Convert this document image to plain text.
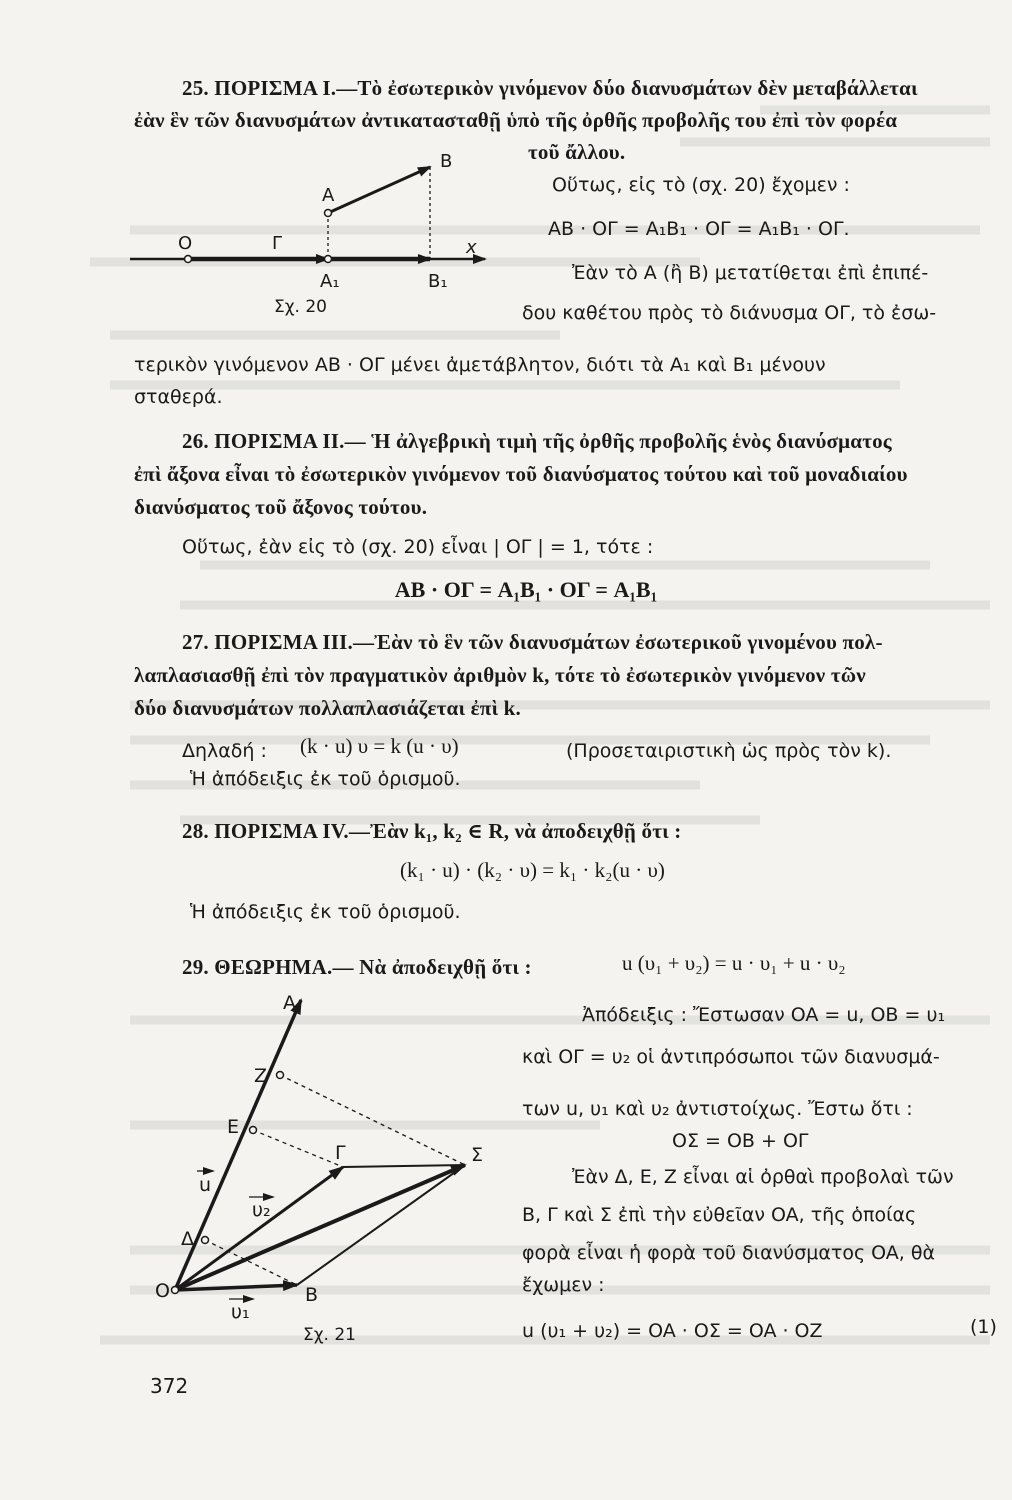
25. ΠΟΡΙΣΜΑ Ι.—Τὸ ἐσωτερικὸν γινόμενον δύο διανυσμάτων δὲν μεταβάλλεται
ἐὰν ἓν τῶν διανυσμάτων ἀντικατασταθῇ ὑπὸ τῆς ὀρθῆς προβολῆς του ἐπὶ τὸν φορέα
τοῦ ἄλλου.
Οὕτως, εἰς τὸ (σχ. 20) ἔχομεν :
AB · OΓ = A₁B₁ · OΓ = A₁B₁ · OΓ.
Ἐὰν τὸ A (ἢ B) μετατίθεται ἐπὶ ἐπιπέ-
δου καθέτου πρὸς τὸ διάνυσμα OΓ, τὸ ἐσω-
τερικὸν γινόμενον AB · OΓ μένει ἀμετάβλητον, διότι τὰ A₁ καὶ B₁ μένουν
σταθερά.
O	Γ
A
B
A₁	B₁
x
Σχ. 20
26. ΠΟΡΙΣΜΑ ΙΙ.— Ἡ ἀλγεβρικὴ τιμὴ τῆς ὀρθῆς προβολῆς ἑνὸς διανύσματος
ἐπὶ ἄξονα εἶναι τὸ ἐσωτερικὸν γινόμενον τοῦ διανύσματος τούτου καὶ τοῦ μοναδιαίου
διανύσματος τοῦ ἄξονος τούτου.
Οὕτως, ἐὰν εἰς τὸ (σχ. 20) εἶναι | OΓ | = 1, τότε :
AB · OΓ = A₁B₁ · OΓ = A₁B₁
27. ΠΟΡΙΣΜΑ ΙΙΙ.—Ἐὰν τὸ ἓν τῶν διανυσμάτων ἐσωτερικοῦ γινομένου πολ-
λαπλασιασθῇ ἐπὶ τὸν πραγματικὸν ἀριθμὸν k, τότε τὸ ἐσωτερικὸν γινόμενον τῶν
δύο διανυσμάτων πολλαπλασιάζεται ἐπὶ k.
Δηλαδή : (k · u) υ = k (u · υ)	(Προσεταιριστικὴ ὡς πρὸς τὸν k).
Ἡ ἀπόδειξις ἐκ τοῦ ὁρισμοῦ.
28. ΠΟΡΙΣΜΑ IV.—Ἐὰν k₁, k₂ ∈ R, νὰ ἀποδειχθῇ ὅτι :
(k₁ · u) · (k₂ · υ) = k₁ · k₂(u · υ)
Ἡ ἀπόδειξις ἐκ τοῦ ὁρισμοῦ.
29. ΘΕΩΡΗΜΑ.— Νὰ ἀποδειχθῇ ὅτι :	u (υ₁ + υ₂) = u · υ₁ + u · υ₂
Ἀπόδειξις : Ἔστωσαν OA = u, OB = υ₁
καὶ OΓ = υ₂ οἱ ἀντιπρόσωποι τῶν διανυσμά-
των u, υ₁ καὶ υ₂ ἀντιστοίχως. Ἔστω ὅτι :
OΣ = OB + OΓ
Ἐὰν Δ, E, Z εἶναι αἱ ὀρθαὶ προβολαὶ τῶν
B, Γ καὶ Σ ἐπὶ τὴν εὐθεῖαν OA, τῆς ὁποίας
φορὰ εἶναι ἡ φορὰ τοῦ διανύσματος OA, θὰ
ἔχωμεν :
u (υ₁ + υ₂) = OA · OΣ = OA · OZ	(1)
A
Z
E
Δ
O	B
Γ	Σ
u
υ₂
υ₁
Σχ. 21
372
